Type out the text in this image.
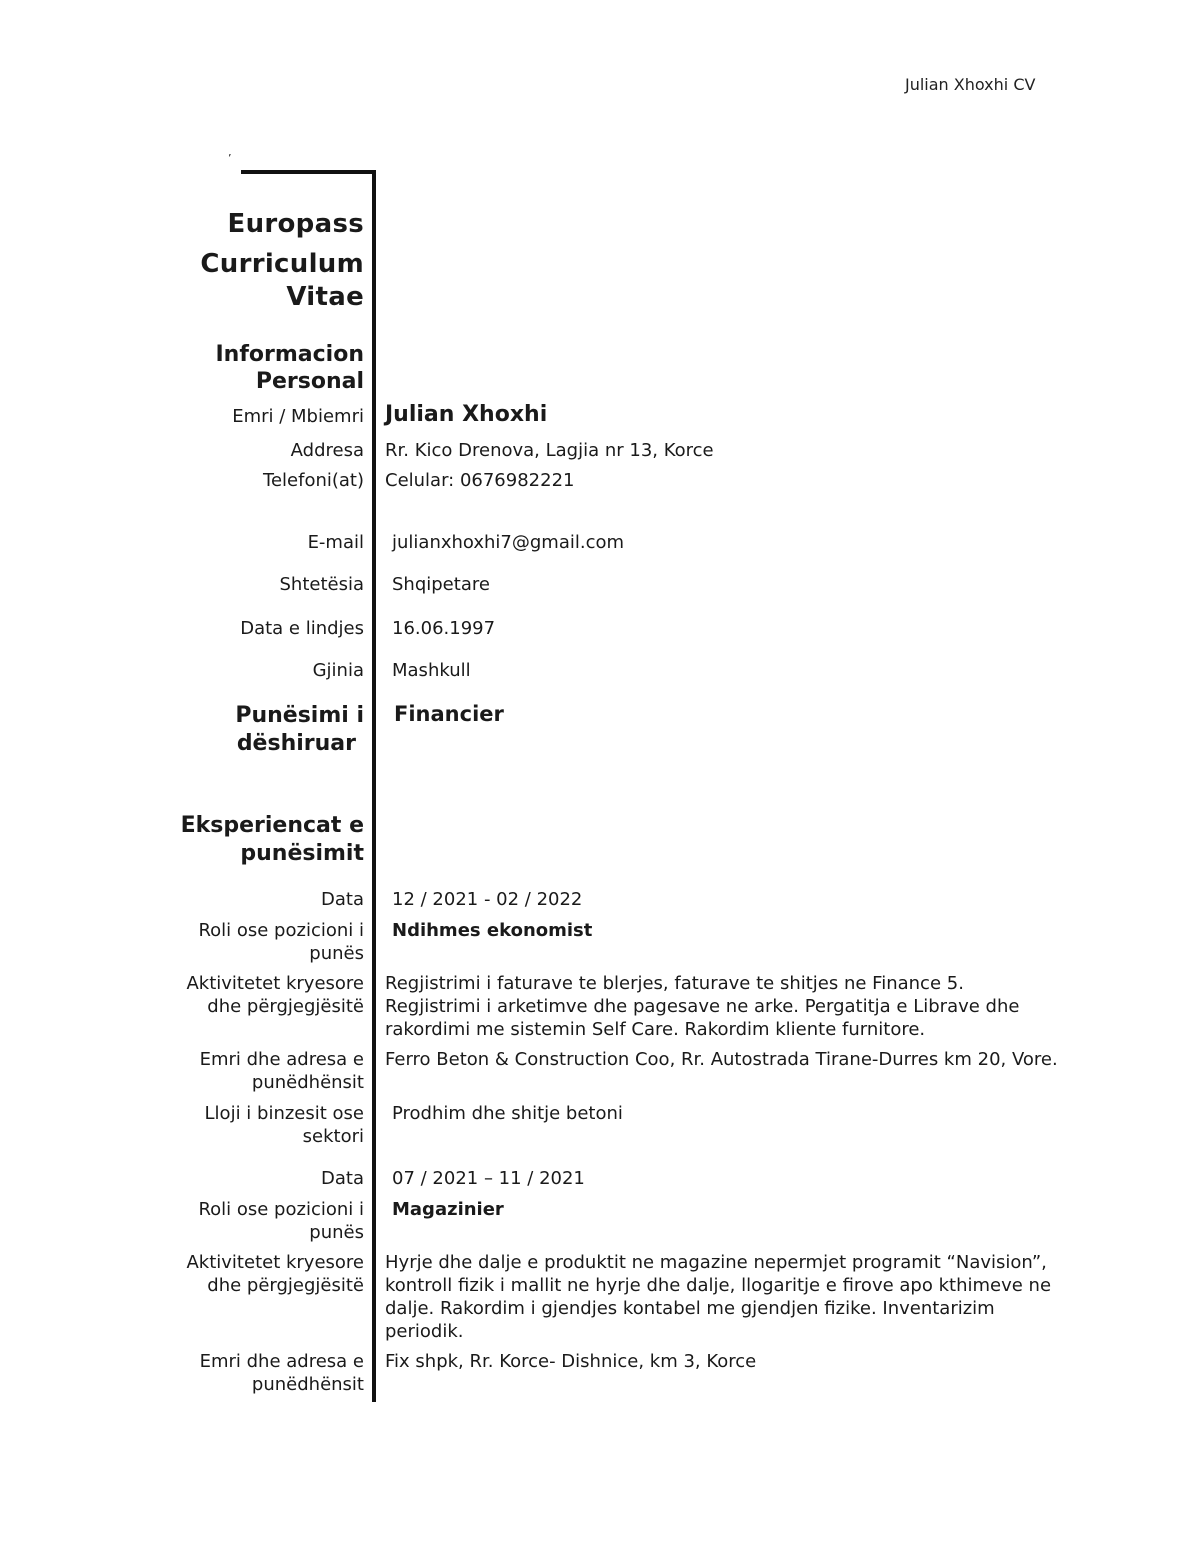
Julian Xhoxhi CV
’
Europass
Curriculum
Vitae
Informacion
Personal
Emri / Mbiemri Julian Xhoxhi
Addresa Rr. Kico Drenova, Lagjia nr 13, Korce
Telefoni(at) Celular: 0676982221
E-mail julianxhoxhi7@gmail.com
Shtetësia Shqipetare
Data e lindjes 16.06.1997
Gjinia Mashkull
Punësimi i
dëshiruar
Financier
Eksperiencat e
punësimit
Data 12 / 2021 - 02 / 2022
Roli ose pozicioni i
punës
Ndihmes ekonomist
Aktivitetet kryesore
dhe përgjegjësitë
Regjistrimi i faturave te blerjes, faturave te shitjes ne Finance 5. Regjistrimi i arketimve dhe pagesave ne arke. Pergatitja e Librave dhe rakordimi me sistemin Self Care. Rakordim kliente furnitore.
Emri dhe adresa e
punëdhënsit
Ferro Beton & Construction Coo, Rr. Autostrada Tirane-Durres km 20, Vore.
Lloji i binzesit ose
sektori
Prodhim dhe shitje betoni
Data 07 / 2021 – 11 / 2021
Roli ose pozicioni i
punës
Magazinier
Aktivitetet kryesore
dhe përgjegjësitë
Hyrje dhe dalje e produktit ne magazine nepermjet programit “Navision”, kontroll fizik i mallit ne hyrje dhe dalje, llogaritje e firove apo kthimeve ne dalje. Rakordim i gjendjes kontabel me gjendjen fizike. Inventarizim periodik.
Emri dhe adresa e
punëdhënsit
Fix shpk, Rr. Korce- Dishnice, km 3, Korce
